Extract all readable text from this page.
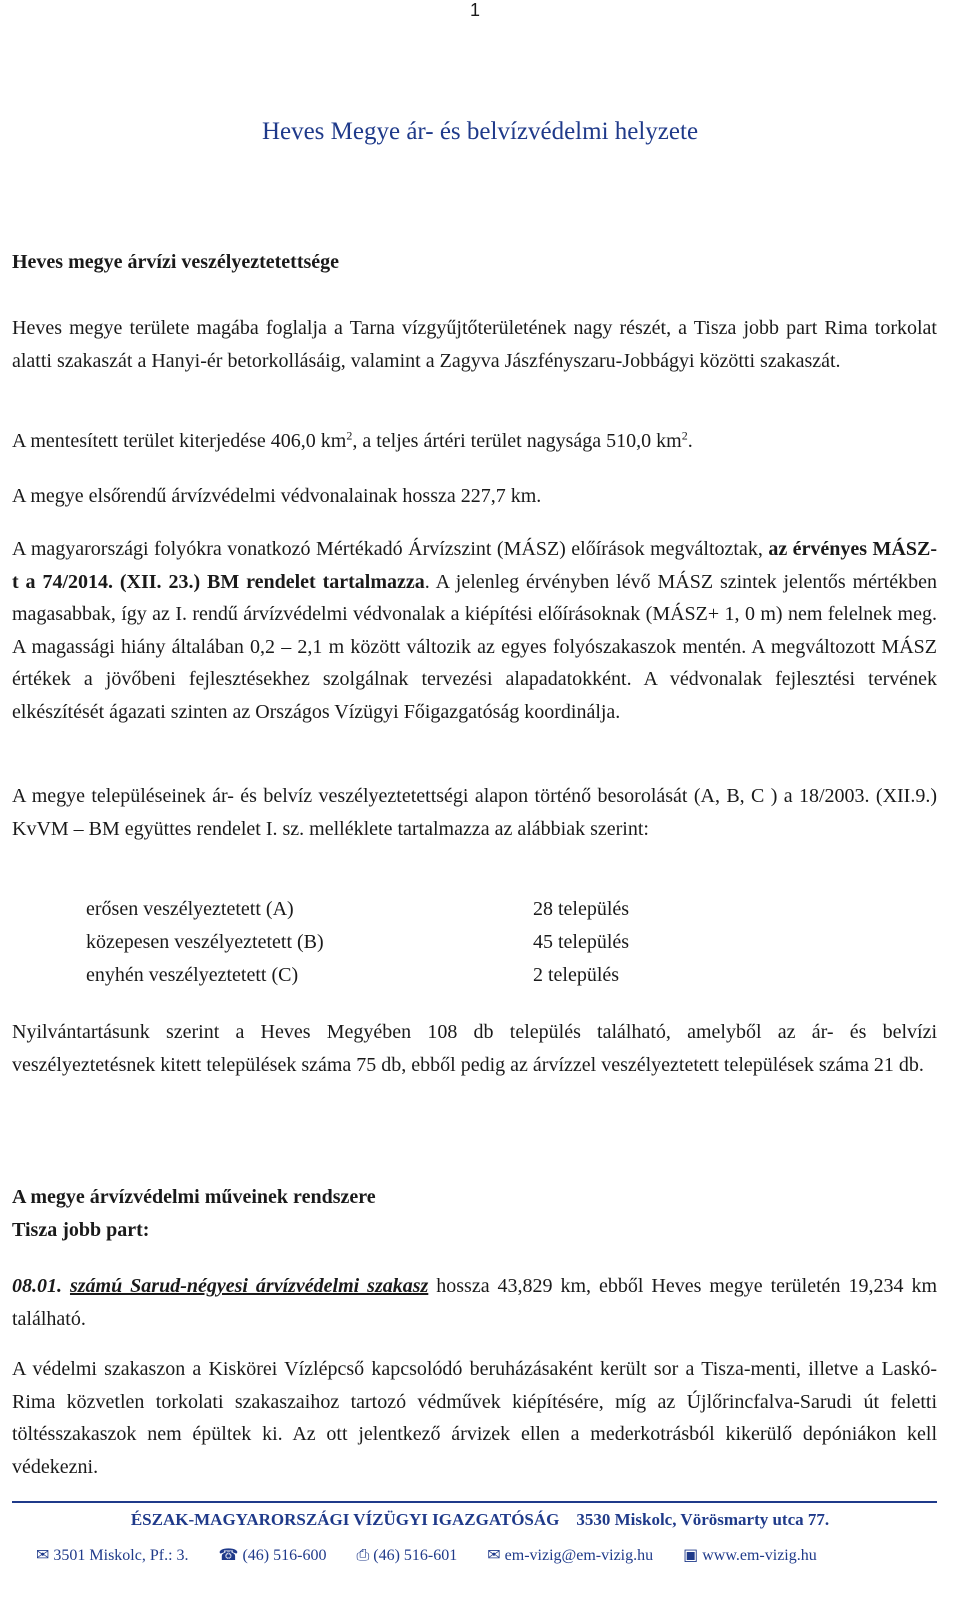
1
Heves Megye ár- és belvízvédelmi helyzete
Heves megye árvízi veszélyeztetettsége

Heves megye területe magába foglalja a Tarna vízgyűjtőterületének nagy részét, a Tisza jobb part Rima torkolat alatti szakaszát a Hanyi-ér betorkollásáig, valamint a Zagyva Jászfényszaru-Jobbágyi közötti szakaszát.

A mentesített terület kiterjedése 406,0 $km^2$, a teljes ártéri terület nagysága 510,0 $km^2$.

A megye elsőrendű árvízvédelmi védvonalainak hossza 227,7 km.

A magyarországi folyókra vonatkozó Mértékadó Árvízszint (MÁSZ) előírások megváltoztak, az érvényes MÁSZ-t a 74/2014. (XII. 23.) BM rendelet tartalmazza. A jelenleg érvényben lévő MÁSZ szintek jelentős mértékben magasabbak, így az I. rendű árvízvédelmi védvonalak a kiépítési előírásoknak (MÁSZ+ 1, 0 m) nem felelnek meg. A magassági hiány általában 0,2 – 2,1 m között változik az egyes folyószakaszok mentén. A megváltozott MÁSZ értékek a jövőbeni fejlesztésekhez szolgálnak tervezési alapadatokként. A védvonalak fejlesztési tervének elkészítését ágazati szinten az Országos Vízügyi Főigazgatóság koordinálja.

A megye településeinek ár- és belvíz veszélyeztetettségi alapon történő besorolását (A, B, C ) a 18/2003. (XII.9.) KvVM – BM együttes rendelet I. sz. melléklete tartalmazza az alábbiak szerint:

erősen veszélyeztetett (A)	28 település
közepesen veszélyeztetett (B)	45 település
enyhén veszélyeztetett (C)	2 település

Nyilvántartásunk szerint a Heves Megyében 108 db település található, amelyből az ár- és belvízi veszélyeztetésnek kitett települések száma 75 db, ebből pedig az árvízzel veszélyeztetett települések száma 21 db.

A megye árvízvédelmi műveinek rendszere
Tisza jobb part:

08.01. számú Sarud-négyesi árvízvédelmi szakasz hossza 43,829 km, ebből Heves megye területén 19,234 km található.

A védelmi szakaszon a Kiskörei Vízlépcső kapcsolódó beruházásaként került sor a Tisza-menti, illetve a Laskó-Rima közvetlen torkolati szakaszaihoz tartozó védművek kiépítésére, míg az Újlőrincfalva-Sarudi út feletti töltésszakaszok nem épültek ki. Az ott jelentkező árvizek ellen a mederkotrásból kikerülő depóniákon kell védekezni.

ÉSZAK-MAGYARORSZÁGI VÍZÜGYI IGAZGATÓSÁG 3530 Miskolc, Vörösmarty utca 77.
✉ 3501 Miskolc, Pf.: 3. ☎ (46) 516-600 ⎙ (46) 516-601 ✉ em-vizig@em-vizig.hu ▣ www.em-vizig.hu
